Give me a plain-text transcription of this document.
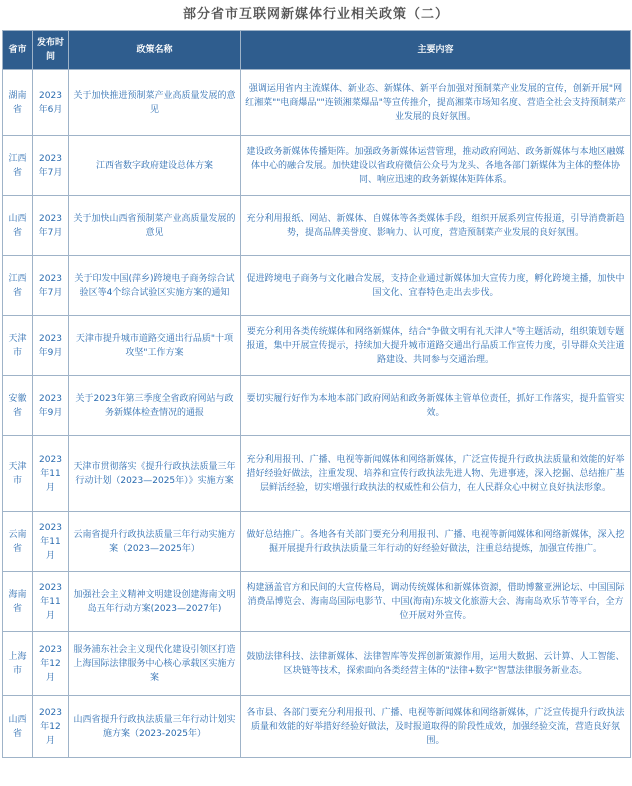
部分省市互联网新媒体行业相关政策（二）
省市	发布时间	政策名称	主要内容
湖南省	2023年6月	关于加快推进预制菜产业高质量发展的意见	强调运用省内主流媒体、新业态、新媒体、新平台加强对预制菜产业发展的宣传，创新开展"网红湘菜""电商爆品""连锁湘菜爆品"等宣传推介，提高湘菜市场知名度、营造全社会支持预制菜产业发展的良好氛围。
江西省	2023年7月	江西省数字政府建设总体方案	建设政务新媒体传播矩阵。加强政务新媒体运营管理，推动政府网站、政务新媒体与本地区融媒体中心的融合发展。加快建设以省政府微信公众号为龙头、各地各部门新媒体为主体的整体协同、响应迅速的政务新媒体矩阵体系。
山西省	2023年7月	关于加快山西省预制菜产业高质量发展的意见	充分利用报纸、网站、新媒体、自媒体等各类媒体手段，组织开展系列宣传报道，引导消费新趋势，提高品牌美誉度、影响力、认可度，营造预制菜产业发展的良好氛围。
江西省	2023年7月	关于印发中国(萍乡)跨境电子商务综合试验区等4个综合试验区实施方案的通知	促进跨境电子商务与文化融合发展，支持企业通过新媒体加大宣传力度，孵化跨境主播，加快中国文化、宜春特色走出去步伐。
天津市	2023年9月	天津市提升城市道路交通出行品质"十项攻坚"工作方案	要充分利用各类传统媒体和网络新媒体，结合"争做文明有礼天津人"等主题活动，组织策划专题报道，集中开展宣传提示，持续加大提升城市道路交通出行品质工作宣传力度，引导群众关注道路建设、共同参与交通治理。
安徽省	2023年9月	关于2023年第三季度全省政府网站与政务新媒体检查情况的通报	要切实履行好作为本地本部门政府网站和政务新媒体主管单位责任，抓好工作落实，提升监管实效。
天津市	2023年11月	天津市贯彻落实《提升行政执法质量三年行动计划（2023—2025年）》实施方案	充分利用报刊、广播、电视等新闻媒体和网络新媒体，广泛宣传提升行政执法质量和效能的好举措好经验好做法，注重发现、培养和宣传行政执法先进人物、先进事迹，深入挖掘、总结推广基层鲜活经验，切实增强行政执法的权威性和公信力，在人民群众心中树立良好执法形象。
云南省	2023年11月	云南省提升行政执法质量三年行动实施方案（2023—2025年）	做好总结推广。各地各有关部门要充分利用报刊、广播、电视等新闻媒体和网络新媒体，深入挖掘开展提升行政执法质量三年行动的好经验好做法，注重总结提炼，加强宣传推广。
海南省	2023年11月	加强社会主义精神文明建设创建海南文明岛五年行动方案(2023—2027年)	构建涵盖官方和民间的大宣传格局，调动传统媒体和新媒体资源，借助博鳌亚洲论坛、中国国际消费品博览会、海南岛国际电影节、中国(海南)东坡文化旅游大会、海南岛欢乐节等平台，全方位开展对外宣传。
上海市	2023年12月	服务浦东社会主义现代化建设引领区打造上海国际法律服务中心核心承载区实施方案	鼓励法律科技、法律新媒体、法律智库等发挥创新策源作用，运用大数据、云计算、人工智能、区块链等技术，探索面向各类经营主体的"法律+数字"智慧法律服务新业态。
山西省	2023年12月	山西省提升行政执法质量三年行动计划实施方案（2023-2025年）	各市县、各部门要充分利用报刊、广播、电视等新闻媒体和网络新媒体，广泛宣传提升行政执法质量和效能的好举措好经验好做法，及时报道取得的阶段性成效，加强经验交流，营造良好氛围。
